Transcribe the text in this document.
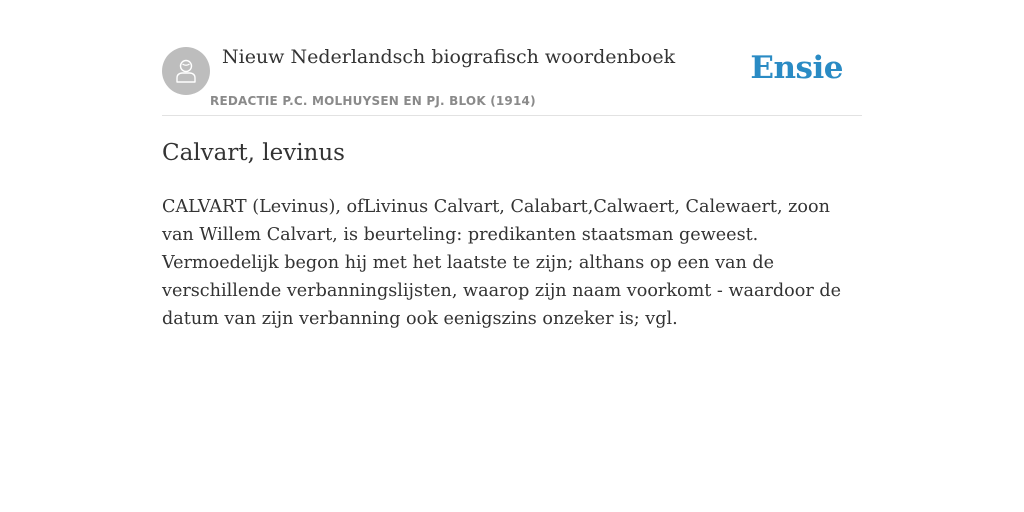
Nieuw Nederlandsch biografisch woordenboek
REDACTIE P.C. MOLHUYSEN EN PJ. BLOK (1914)
Ensie
Calvart, levinus

CALVART (Levinus), ofLivinus Calvart, Calabart,Calwaert, Calewaert, zoon van Willem Calvart, is beurteling: predikanten staatsman geweest. Vermoedelijk begon hij met het laatste te zijn; althans op een van de verschillende verbanningslijsten, waarop zijn naam voorkomt - waardoor de datum van zijn verbanning ook eenigszins onzeker is; vgl.
